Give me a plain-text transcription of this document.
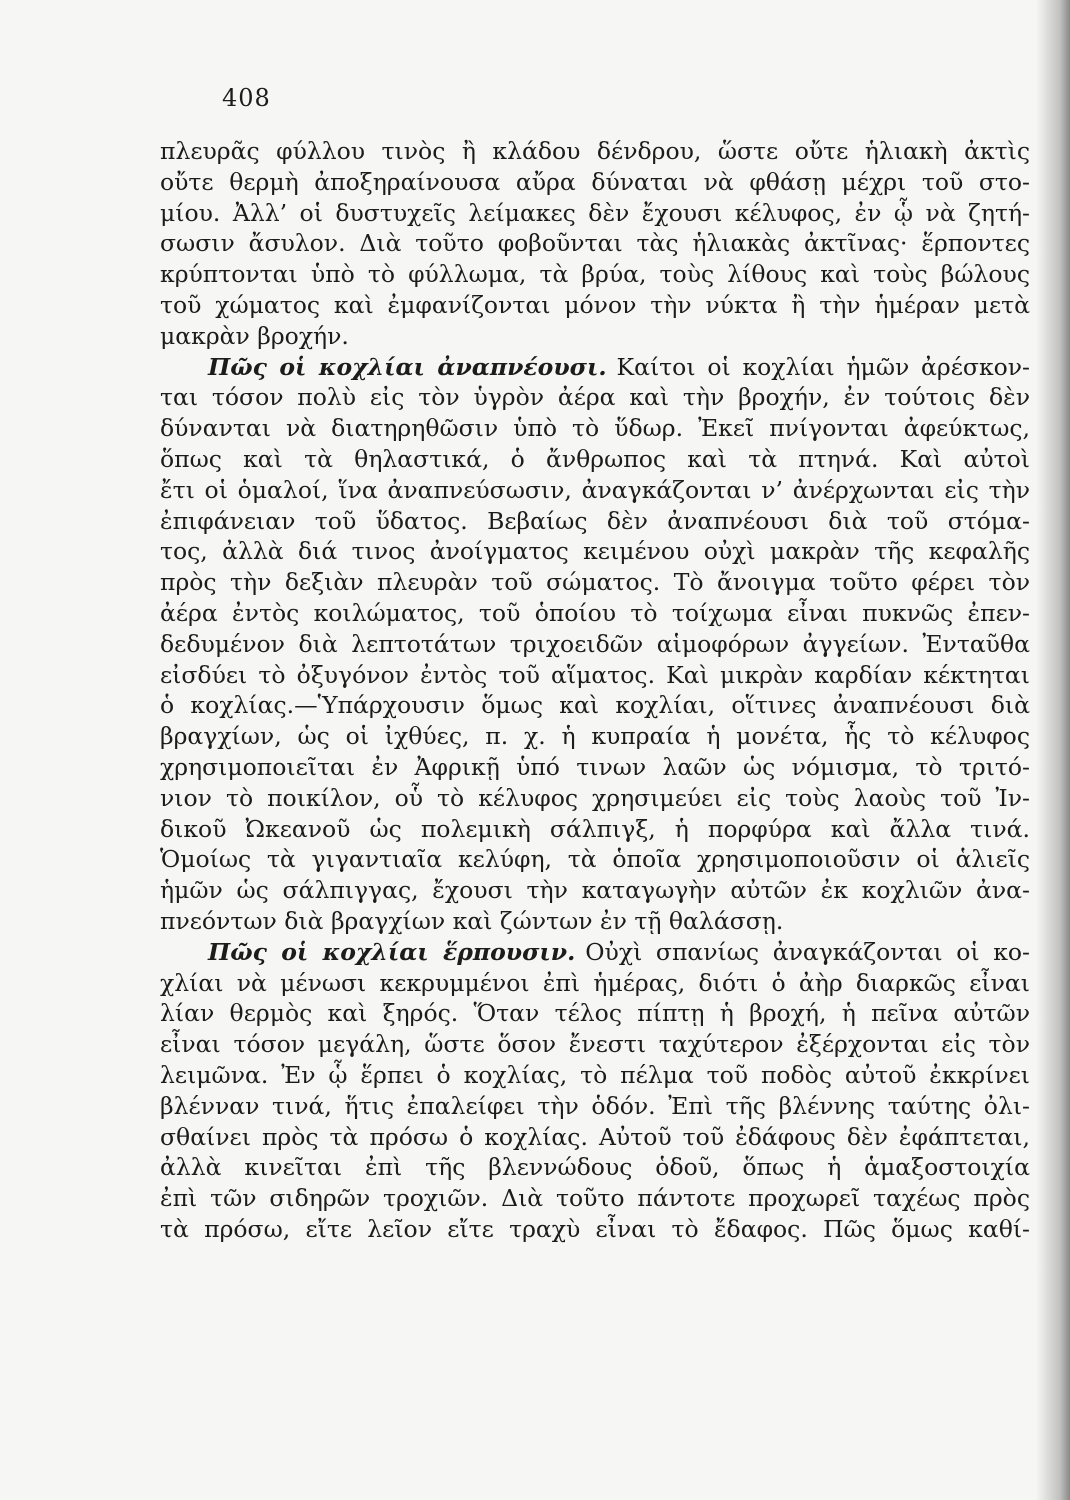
408
πλευρᾶς φύλλου τινὸς ἢ κλάδου δένδρου, ὥστε οὔτε ἡλιακὴ ἀκτὶς
οὔτε θερμὴ ἀποξηραίνουσα αὔρα δύναται νὰ φθάσῃ μέχρι τοῦ στο-
μίου. Ἀλλ’ οἱ δυστυχεῖς λείμακες δὲν ἔχουσι κέλυφος, ἐν ᾧ νὰ ζητή-
σωσιν ἄσυλον. Διὰ τοῦτο φοβοῦνται τὰς ἡλιακὰς ἀκτῖνας· ἕρποντες
κρύπτονται ὑπὸ τὸ φύλλωμα, τὰ βρύα, τοὺς λίθους καὶ τοὺς βώλους
τοῦ χώματος καὶ ἐμφανίζονται μόνον τὴν νύκτα ἢ τὴν ἡμέραν μετὰ
μακρὰν βροχήν.
Πῶς οἱ κοχλίαι ἀναπνέουσι. Καίτοι οἱ κοχλίαι ἡμῶν ἀρέσκον-
ται τόσον πολὺ εἰς τὸν ὑγρὸν ἀέρα καὶ τὴν βροχήν, ἐν τούτοις δὲν
δύνανται νὰ διατηρηθῶσιν ὑπὸ τὸ ὕδωρ. Ἐκεῖ πνίγονται ἀφεύκτως,
ὅπως καὶ τὰ θηλαστικά, ὁ ἄνθρωπος καὶ τὰ πτηνά. Καὶ αὐτοὶ
ἔτι οἱ ὁμαλοί, ἵνα ἀναπνεύσωσιν, ἀναγκάζονται ν’ ἀνέρχωνται εἰς τὴν
ἐπιφάνειαν τοῦ ὕδατος. Βεβαίως δὲν ἀναπνέουσι διὰ τοῦ στόμα-
τος, ἀλλὰ διά τινος ἀνοίγματος κειμένου οὐχὶ μακρὰν τῆς κεφαλῆς
πρὸς τὴν δεξιὰν πλευρὰν τοῦ σώματος. Τὸ ἄνοιγμα τοῦτο φέρει τὸν
ἀέρα ἐντὸς κοιλώματος, τοῦ ὁποίου τὸ τοίχωμα εἶναι πυκνῶς ἐπεν-
δεδυμένον διὰ λεπτοτάτων τριχοειδῶν αἱμοφόρων ἀγγείων. Ἐνταῦθα
εἰσδύει τὸ ὀξυγόνον ἐντὸς τοῦ αἵματος. Καὶ μικρὰν καρδίαν κέκτηται
ὁ κοχλίας.—Ὑπάρχουσιν ὅμως καὶ κοχλίαι, οἵτινες ἀναπνέουσι διὰ
βραγχίων, ὡς οἱ ἰχθύες, π. χ. ἡ κυπραία ἡ μονέτα, ἧς τὸ κέλυφος
χρησιμοποιεῖται ἐν Ἀφρικῇ ὑπό τινων λαῶν ὡς νόμισμα, τὸ τριτό-
νιον τὸ ποικίλον, οὗ τὸ κέλυφος χρησιμεύει εἰς τοὺς λαοὺς τοῦ Ἰν-
δικοῦ Ὠκεανοῦ ὡς πολεμικὴ σάλπιγξ, ἡ πορφύρα καὶ ἄλλα τινά.
Ὁμοίως τὰ γιγαντιαῖα κελύφη, τὰ ὁποῖα χρησιμοποιοῦσιν οἱ ἁλιεῖς
ἡμῶν ὡς σάλπιγγας, ἔχουσι τὴν καταγωγὴν αὐτῶν ἐκ κοχλιῶν ἀνα-
πνεόντων διὰ βραγχίων καὶ ζώντων ἐν τῇ θαλάσσῃ.
Πῶς οἱ κοχλίαι ἕρπουσιν. Οὐχὶ σπανίως ἀναγκάζονται οἱ κο-
χλίαι νὰ μένωσι κεκρυμμένοι ἐπὶ ἡμέρας, διότι ὁ ἀὴρ διαρκῶς εἶναι
λίαν θερμὸς καὶ ξηρός. Ὅταν τέλος πίπτῃ ἡ βροχή, ἡ πεῖνα αὐτῶν
εἶναι τόσον μεγάλη, ὥστε ὅσον ἔνεστι ταχύτερον ἐξέρχονται εἰς τὸν
λειμῶνα. Ἐν ᾧ ἕρπει ὁ κοχλίας, τὸ πέλμα τοῦ ποδὸς αὐτοῦ ἐκκρίνει
βλένναν τινά, ἥτις ἐπαλείφει τὴν ὁδόν. Ἐπὶ τῆς βλέννης ταύτης ὀλι-
σθαίνει πρὸς τὰ πρόσω ὁ κοχλίας. Αὐτοῦ τοῦ ἐδάφους δὲν ἐφάπτεται,
ἀλλὰ κινεῖται ἐπὶ τῆς βλεννώδους ὁδοῦ, ὅπως ἡ ἁμαξοστοιχία
ἐπὶ τῶν σιδηρῶν τροχιῶν. Διὰ τοῦτο πάντοτε προχωρεῖ ταχέως πρὸς
τὰ πρόσω, εἴτε λεῖον εἴτε τραχὺ εἶναι τὸ ἔδαφος. Πῶς ὅμως καθί-
